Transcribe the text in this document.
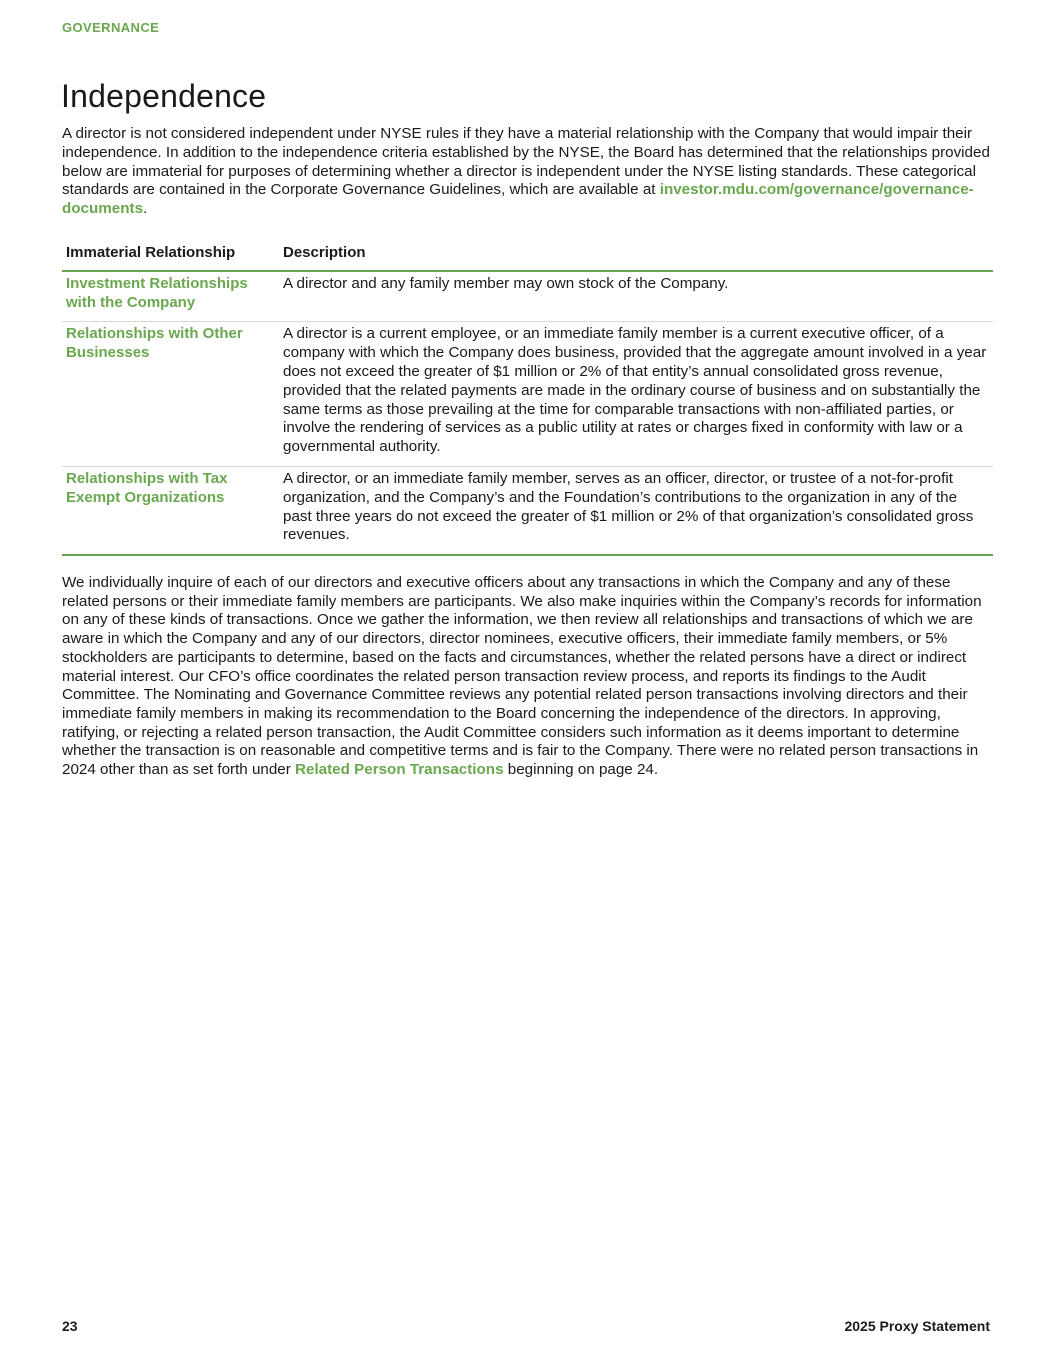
GOVERNANCE
Independence

A director is not considered independent under NYSE rules if they have a material relationship with the Company that would impair their independence. In addition to the independence criteria established by the NYSE, the Board has determined that the relationships provided below are immaterial for purposes of determining whether a director is independent under the NYSE listing standards. These categorical standards are contained in the Corporate Governance Guidelines, which are available at investor.mdu.com/governance/governance-documents.

Immaterial Relationship	Description
Investment Relationships with the Company	A director and any family member may own stock of the Company.
Relationships with Other Businesses	A director is a current employee, or an immediate family member is a current executive officer, of a company with which the Company does business, provided that the aggregate amount involved in a year does not exceed the greater of $1 million or 2% of that entity’s annual consolidated gross revenue, provided that the related payments are made in the ordinary course of business and on substantially the same terms as those prevailing at the time for comparable transactions with non-affiliated parties, or involve the rendering of services as a public utility at rates or charges fixed in conformity with law or a governmental authority.
Relationships with Tax Exempt Organizations	A director, or an immediate family member, serves as an officer, director, or trustee of a not-for-profit organization, and the Company’s and the Foundation’s contributions to the organization in any of the past three years do not exceed the greater of $1 million or 2% of that organization’s consolidated gross revenues.

We individually inquire of each of our directors and executive officers about any transactions in which the Company and any of these related persons or their immediate family members are participants. We also make inquiries within the Company’s records for information on any of these kinds of transactions. Once we gather the information, we then review all relationships and transactions of which we are aware in which the Company and any of our directors, director nominees, executive officers, their immediate family members, or 5% stockholders are participants to determine, based on the facts and circumstances, whether the related persons have a direct or indirect material interest. Our CFO’s office coordinates the related person transaction review process, and reports its findings to the Audit Committee. The Nominating and Governance Committee reviews any potential related person transactions involving directors and their immediate family members in making its recommendation to the Board concerning the independence of the directors. In approving, ratifying, or rejecting a related person transaction, the Audit Committee considers such information as it deems important to determine whether the transaction is on reasonable and competitive terms and is fair to the Company. There were no related person transactions in 2024 other than as set forth under Related Person Transactions beginning on page 24.

23	2025 Proxy Statement
